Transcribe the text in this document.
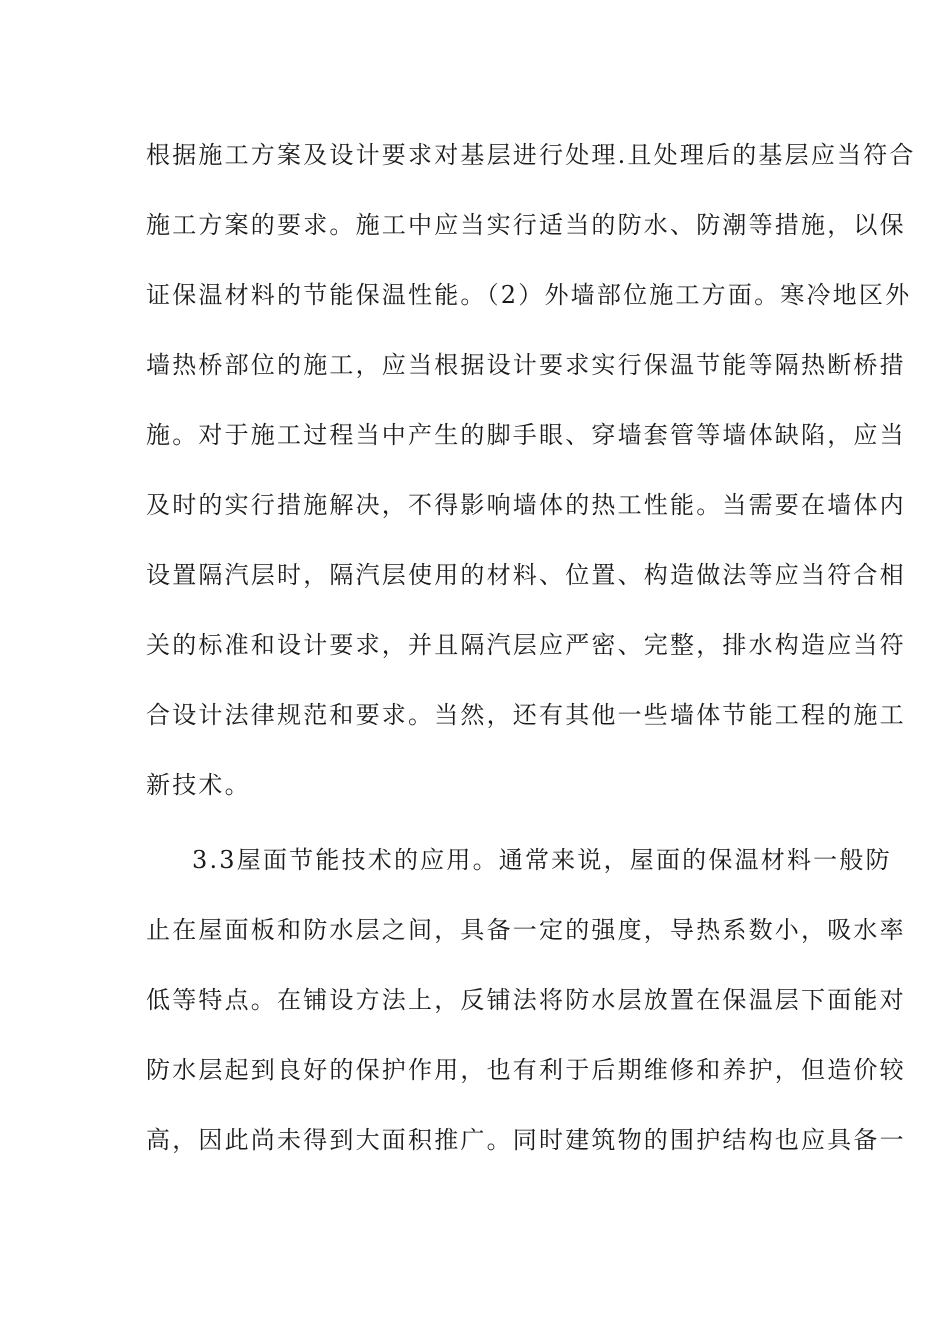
根据施工方案及设计要求对基层进行处理.且处理后的基层应当符合
施工方案的要求。施工中应当实行适当的防水、防潮等措施，以保
证保温材料的节能保温性能。（2）外墙部位施工方面。寒冷地区外
墙热桥部位的施工，应当根据设计要求实行保温节能等隔热断桥措
施。对于施工过程当中产生的脚手眼、穿墙套管等墙体缺陷，应当
及时的实行措施解决，不得影响墙体的热工性能。当需要在墙体内
设置隔汽层时，隔汽层使用的材料、位置、构造做法等应当符合相
关的标准和设计要求，并且隔汽层应严密、完整，排水构造应当符
合设计法律规范和要求。当然，还有其他一些墙体节能工程的施工
新技术。
3.3屋面节能技术的应用。通常来说，屋面的保温材料一般防
止在屋面板和防水层之间，具备一定的强度，导热系数小，吸水率
低等特点。在铺设方法上，反铺法将防水层放置在保温层下面能对
防水层起到良好的保护作用，也有利于后期维修和养护，但造价较
高，因此尚未得到大面积推广。同时建筑物的围护结构也应具备一
